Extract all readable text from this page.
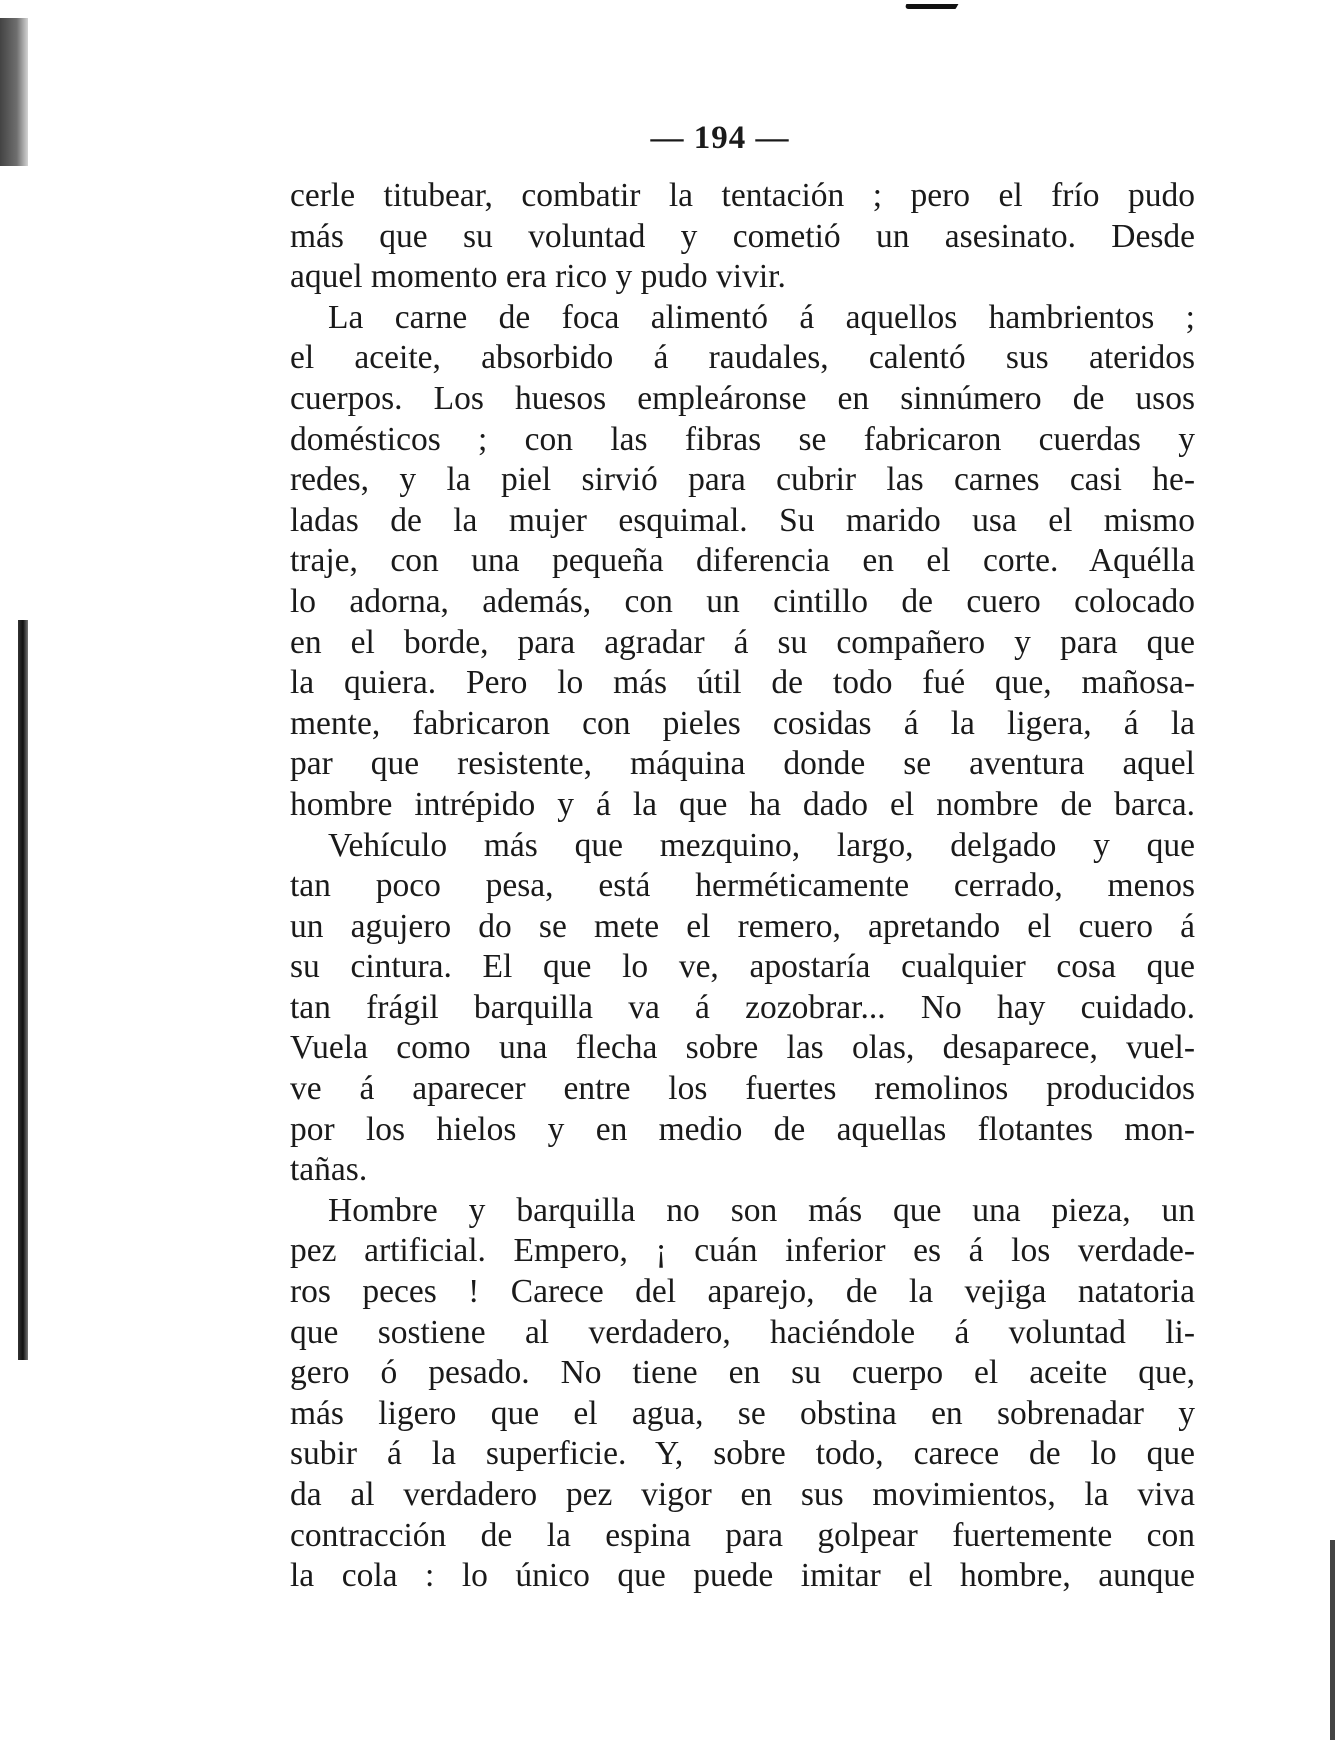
— 194 —

cerle titubear, combatir la tentación ; pero el frío pudo
más que su voluntad y cometió un asesinato. Desde
aquel momento era rico y pudo vivir.

La carne de foca alimentó á aquellos hambrientos ;
el aceite, absorbido á raudales, calentó sus ateridos
cuerpos. Los huesos empleáronse en sinnúmero de usos
domésticos ; con las fibras se fabricaron cuerdas y
redes, y la piel sirvió para cubrir las carnes casi he-
ladas de la mujer esquimal. Su marido usa el mismo
traje, con una pequeña diferencia en el corte. Aquélla
lo adorna, además, con un cintillo de cuero colocado
en el borde, para agradar á su compañero y para que
la quiera. Pero lo más útil de todo fué que, mañosa-
mente, fabricaron con pieles cosidas á la ligera, á la
par que resistente, máquina donde se aventura aquel
hombre intrépido y á la que ha dado el nombre de barca.

Vehículo más que mezquino, largo, delgado y que
tan poco pesa, está herméticamente cerrado, menos
un agujero do se mete el remero, apretando el cuero á
su cintura. El que lo ve, apostaría cualquier cosa que
tan frágil barquilla va á zozobrar... No hay cuidado.
Vuela como una flecha sobre las olas, desaparece, vuel-
ve á aparecer entre los fuertes remolinos producidos
por los hielos y en medio de aquellas flotantes mon-
tañas.

Hombre y barquilla no son más que una pieza, un
pez artificial. Empero, ¡ cuán inferior es á los verdade-
ros peces ! Carece del aparejo, de la vejiga natatoria
que sostiene al verdadero, haciéndole á voluntad li-
gero ó pesado. No tiene en su cuerpo el aceite que,
más ligero que el agua, se obstina en sobrenadar y
subir á la superficie. Y, sobre todo, carece de lo que
da al verdadero pez vigor en sus movimientos, la viva
contracción de la espina para golpear fuertemente con
la cola : lo único que puede imitar el hombre, aunque
